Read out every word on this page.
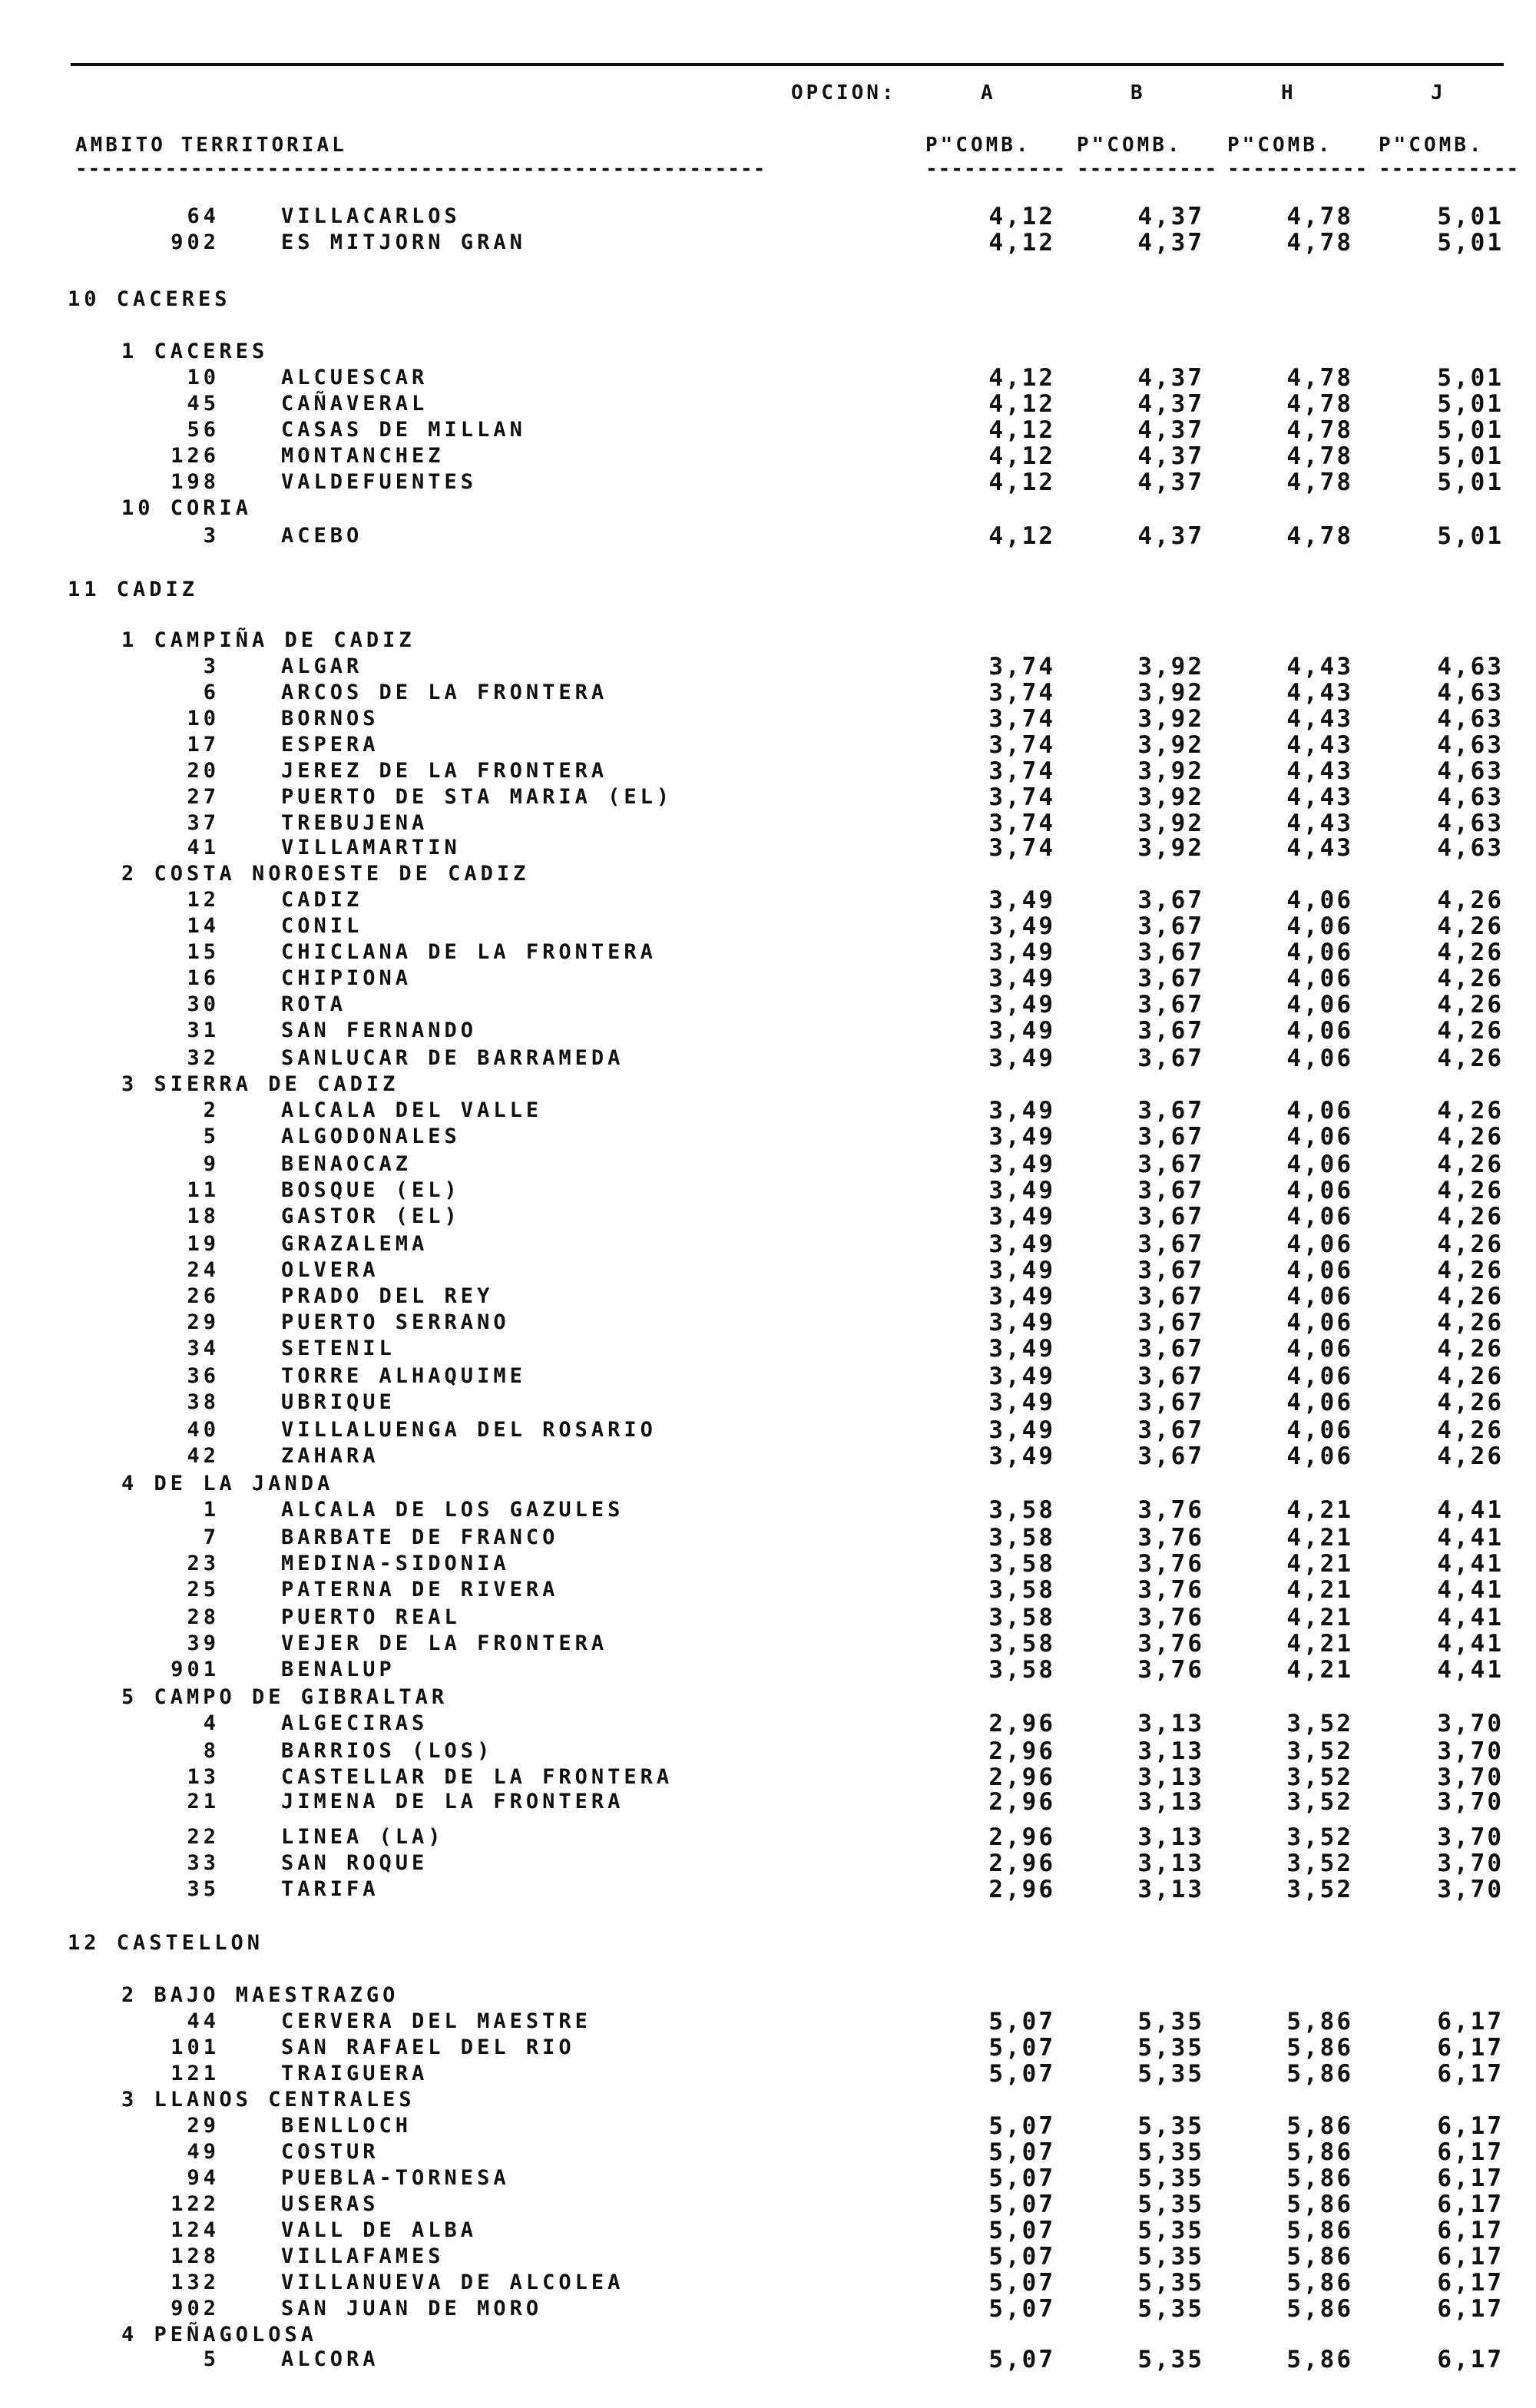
OPCION:	A	B	H	J
AMBITO TERRITORIAL	P"COMB. P"COMB. P"COMB. P"COMB.
------------------------------------------------------	----------- ----------- ----------- -----------
64	VILLACARLOS	4,12	4,37	4,78	5,01
902	ES MITJORN GRAN	4,12	4,37	4,78	5,01
10 CACERES
1 CACERES
10	ALCUESCAR	4,12	4,37	4,78	5,01
45	CAÑAVERAL	4,12	4,37	4,78	5,01
56	CASAS DE MILLAN	4,12	4,37	4,78	5,01
126	MONTANCHEZ	4,12	4,37	4,78	5,01
198	VALDEFUENTES	4,12	4,37	4,78	5,01
10 CORIA
3	ACEBO	4,12	4,37	4,78	5,01
11 CADIZ
1 CAMPIÑA DE CADIZ
3	ALGAR	3,74	3,92	4,43	4,63
6	ARCOS DE LA FRONTERA	3,74	3,92	4,43	4,63
10	BORNOS	3,74	3,92	4,43	4,63
17	ESPERA	3,74	3,92	4,43	4,63
20	JEREZ DE LA FRONTERA	3,74	3,92	4,43	4,63
27	PUERTO DE STA MARIA (EL)	3,74	3,92	4,43	4,63
37	TREBUJENA	3,74	3,92	4,43	4,63
41	VILLAMARTIN	3,74	3,92	4,43	4,63
2 COSTA NOROESTE DE CADIZ
12	CADIZ	3,49	3,67	4,06	4,26
14	CONIL	3,49	3,67	4,06	4,26
15	CHICLANA DE LA FRONTERA	3,49	3,67	4,06	4,26
16	CHIPIONA	3,49	3,67	4,06	4,26
30	ROTA	3,49	3,67	4,06	4,26
31	SAN FERNANDO	3,49	3,67	4,06	4,26
32	SANLUCAR DE BARRAMEDA	3,49	3,67	4,06	4,26
3 SIERRA DE CADIZ
2	ALCALA DEL VALLE	3,49	3,67	4,06	4,26
5	ALGODONALES	3,49	3,67	4,06	4,26
9	BENAOCAZ	3,49	3,67	4,06	4,26
11	BOSQUE (EL)	3,49	3,67	4,06	4,26
18	GASTOR (EL)	3,49	3,67	4,06	4,26
19	GRAZALEMA	3,49	3,67	4,06	4,26
24	OLVERA	3,49	3,67	4,06	4,26
26	PRADO DEL REY	3,49	3,67	4,06	4,26
29	PUERTO SERRANO	3,49	3,67	4,06	4,26
34	SETENIL	3,49	3,67	4,06	4,26
36	TORRE ALHAQUIME	3,49	3,67	4,06	4,26
38	UBRIQUE	3,49	3,67	4,06	4,26
40	VILLALUENGA DEL ROSARIO	3,49	3,67	4,06	4,26
42	ZAHARA	3,49	3,67	4,06	4,26
4 DE LA JANDA
1	ALCALA DE LOS GAZULES	3,58	3,76	4,21	4,41
7	BARBATE DE FRANCO	3,58	3,76	4,21	4,41
23	MEDINA-SIDONIA	3,58	3,76	4,21	4,41
25	PATERNA DE RIVERA	3,58	3,76	4,21	4,41
28	PUERTO REAL	3,58	3,76	4,21	4,41
39	VEJER DE LA FRONTERA	3,58	3,76	4,21	4,41
901	BENALUP	3,58	3,76	4,21	4,41
5 CAMPO DE GIBRALTAR
4	ALGECIRAS	2,96	3,13	3,52	3,70
8	BARRIOS (LOS)	2,96	3,13	3,52	3,70
13	CASTELLAR DE LA FRONTERA	2,96	3,13	3,52	3,70
21	JIMENA DE LA FRONTERA	2,96	3,13	3,52	3,70
22	LINEA (LA)	2,96	3,13	3,52	3,70
33	SAN ROQUE	2,96	3,13	3,52	3,70
35	TARIFA	2,96	3,13	3,52	3,70
12 CASTELLON
2 BAJO MAESTRAZGO
44	CERVERA DEL MAESTRE	5,07	5,35	5,86	6,17
101	SAN RAFAEL DEL RIO	5,07	5,35	5,86	6,17
121	TRAIGUERA	5,07	5,35	5,86	6,17
3 LLANOS CENTRALES
29	BENLLOCH	5,07	5,35	5,86	6,17
49	COSTUR	5,07	5,35	5,86	6,17
94	PUEBLA-TORNESA	5,07	5,35	5,86	6,17
122	USERAS	5,07	5,35	5,86	6,17
124	VALL DE ALBA	5,07	5,35	5,86	6,17
128	VILLAFAMES	5,07	5,35	5,86	6,17
132	VILLANUEVA DE ALCOLEA	5,07	5,35	5,86	6,17
902	SAN JUAN DE MORO	5,07	5,35	5,86	6,17
4 PEÑAGOLOSA
5	ALCORA	5,07	5,35	5,86	6,17
